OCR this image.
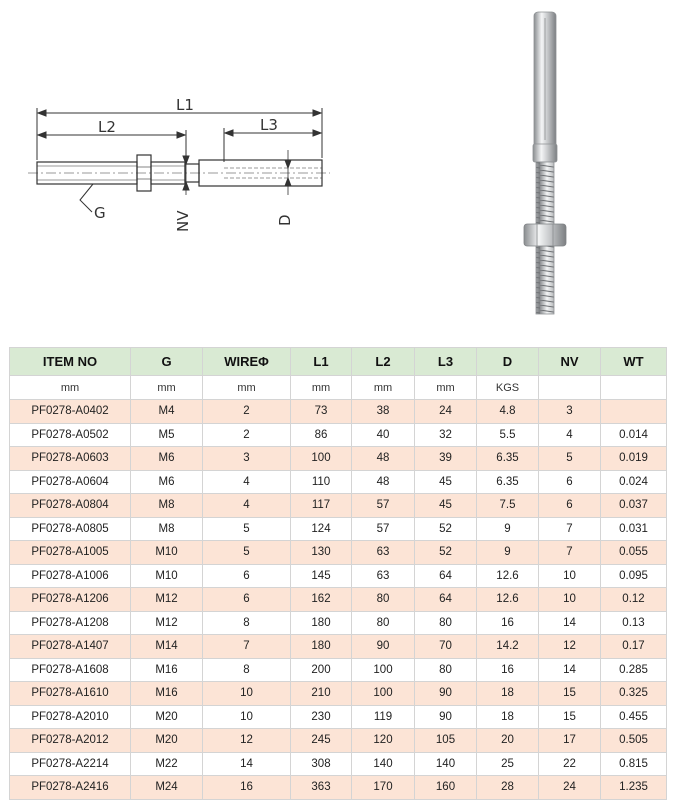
L1
L2	L3
G	NV	D
ITEM NO	G	WIREΦ	L1	L2	L3	D	NV	WT
mm	mm	mm	mm	mm	mm	KGS		
PF0278-A0402	M4	2	73	38	24	4.8	3	
PF0278-A0502	M5	2	86	40	32	5.5	4	0.014
PF0278-A0603	M6	3	100	48	39	6.35	5	0.019
PF0278-A0604	M6	4	110	48	45	6.35	6	0.024
PF0278-A0804	M8	4	117	57	45	7.5	6	0.037
PF0278-A0805	M8	5	124	57	52	9	7	0.031
PF0278-A1005	M10	5	130	63	52	9	7	0.055
PF0278-A1006	M10	6	145	63	64	12.6	10	0.095
PF0278-A1206	M12	6	162	80	64	12.6	10	0.12
PF0278-A1208	M12	8	180	80	80	16	14	0.13
PF0278-A1407	M14	7	180	90	70	14.2	12	0.17
PF0278-A1608	M16	8	200	100	80	16	14	0.285
PF0278-A1610	M16	10	210	100	90	18	15	0.325
PF0278-A2010	M20	10	230	119	90	18	15	0.455
PF0278-A2012	M20	12	245	120	105	20	17	0.505
PF0278-A2214	M22	14	308	140	140	25	22	0.815
PF0278-A2416	M24	16	363	170	160	28	24	1.235
